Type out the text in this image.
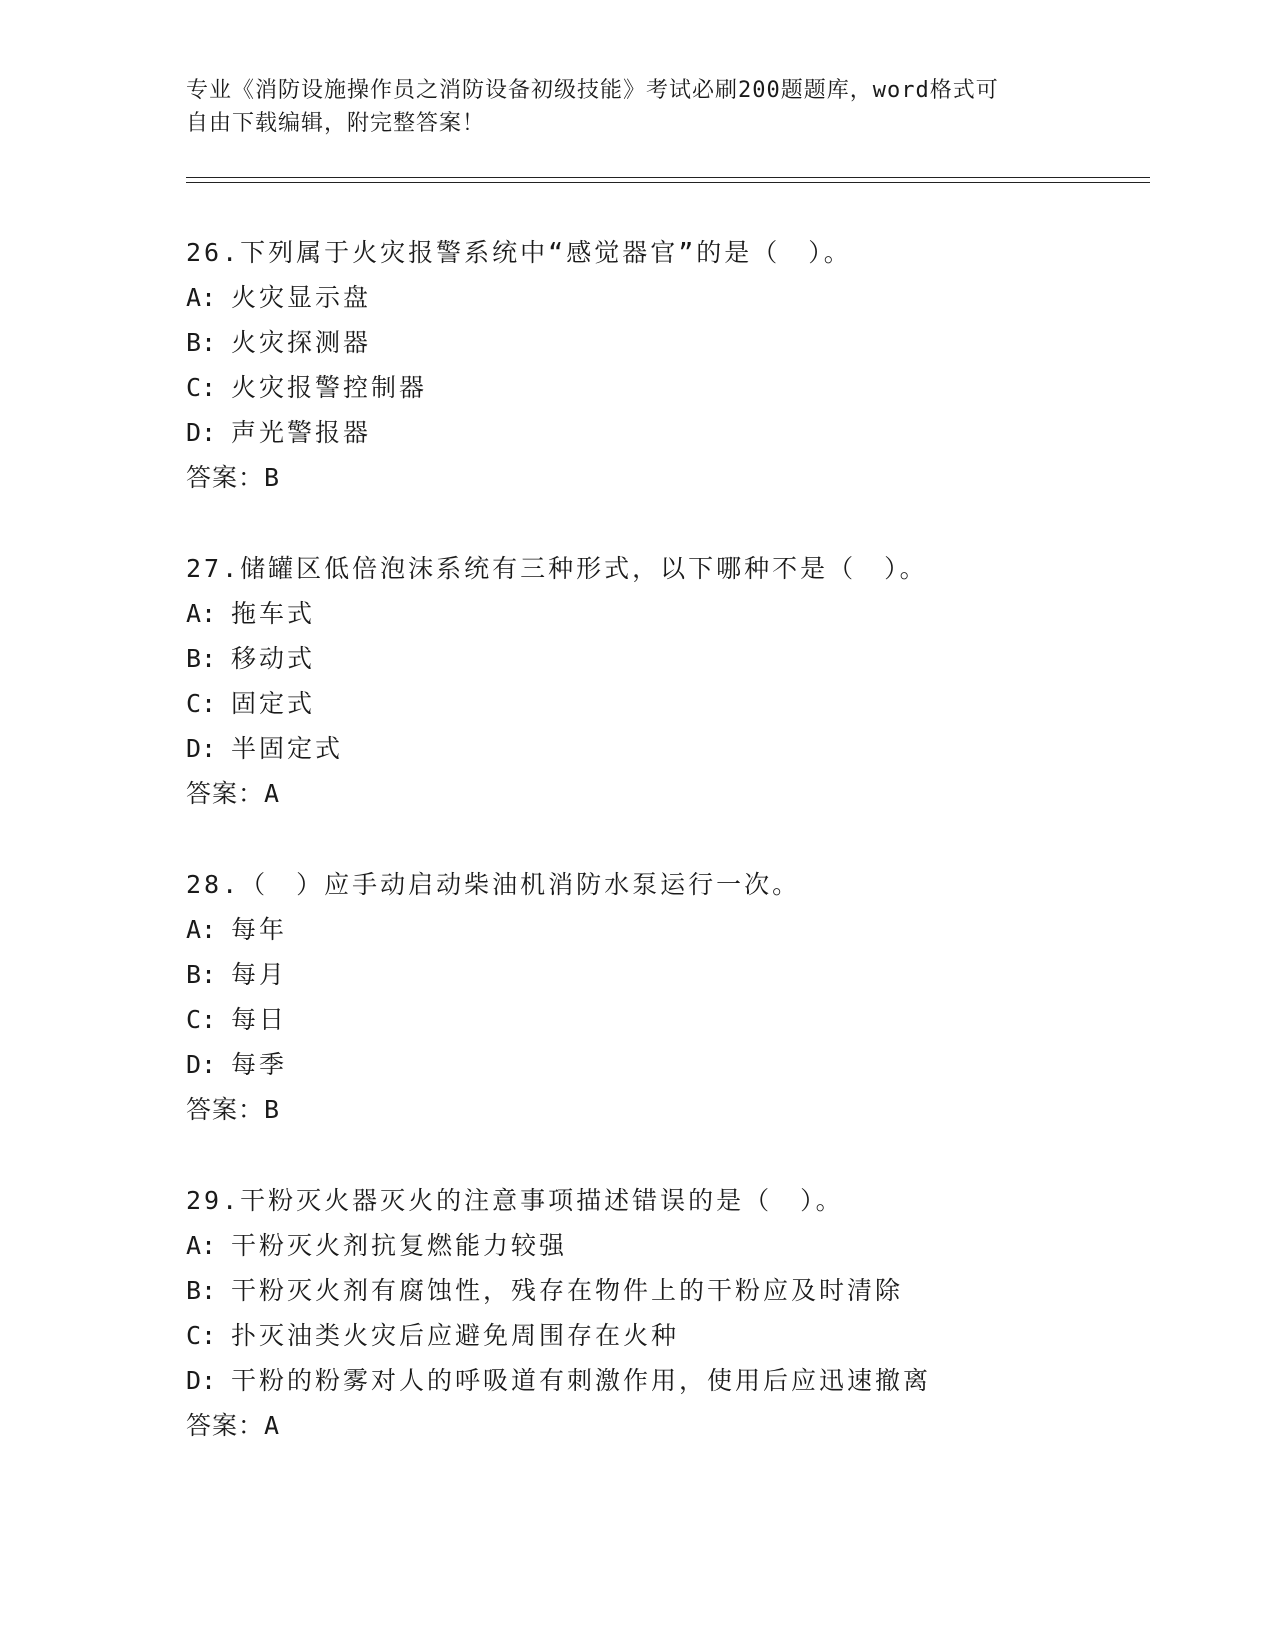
专业《消防设施操作员之消防设备初级技能》考试必刷200题题库，word格式可
自由下载编辑，附完整答案！
26.下列属于火灾报警系统中“感觉器官”的是（　）。
A: 火灾显示盘
B: 火灾探测器
C: 火灾报警控制器
D: 声光警报器
答案：B
27.储罐区低倍泡沫系统有三种形式，以下哪种不是（　）。
A: 拖车式
B: 移动式
C: 固定式
D: 半固定式
答案：A
28.（　）应手动启动柴油机消防水泵运行一次。
A: 每年
B: 每月
C: 每日
D: 每季
答案：B
29.干粉灭火器灭火的注意事项描述错误的是（　）。
A: 干粉灭火剂抗复燃能力较强
B: 干粉灭火剂有腐蚀性，残存在物件上的干粉应及时清除
C: 扑灭油类火灾后应避免周围存在火种
D: 干粉的粉雾对人的呼吸道有刺激作用，使用后应迅速撤离
答案：A
